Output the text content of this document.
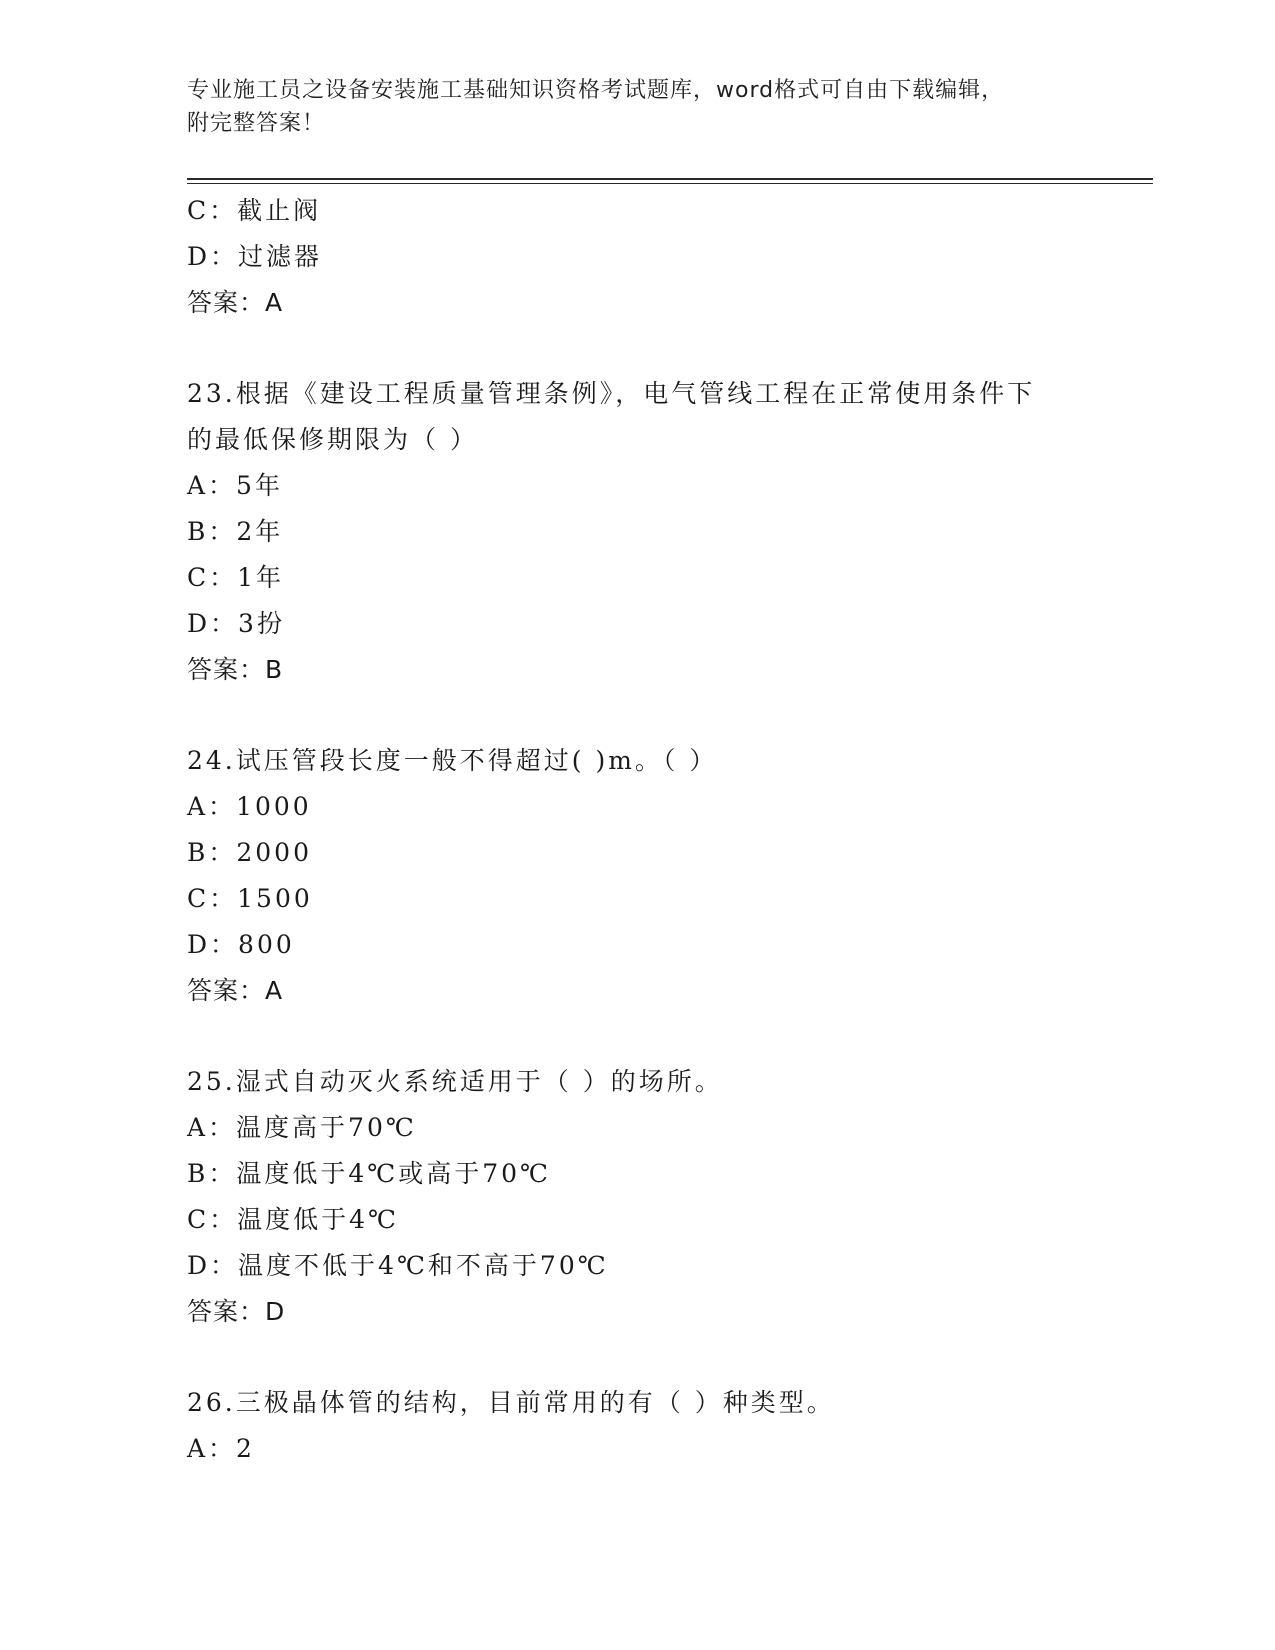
专业施工员之设备安装施工基础知识资格考试题库，word格式可自由下载编辑，
附完整答案！
C：截止阀
D：过滤器
答案：A
23.根据《建设工程质量管理条例》，电气管线工程在正常使用条件下
的最低保修期限为（ ）
A：5年
B：2年
C：1年
D：3扮
答案：B
24.试压管段长度一般不得超过( )m。（ ）
A：1000
B：2000
C：1500
D：800
答案：A
25.湿式自动灭火系统适用于（ ）的场所。
A：温度高于70℃
B：温度低于4℃或高于70℃
C：温度低于4℃
D：温度不低于4℃和不高于70℃
答案：D
26.三极晶体管的结构，目前常用的有（ ）种类型。
A：2
